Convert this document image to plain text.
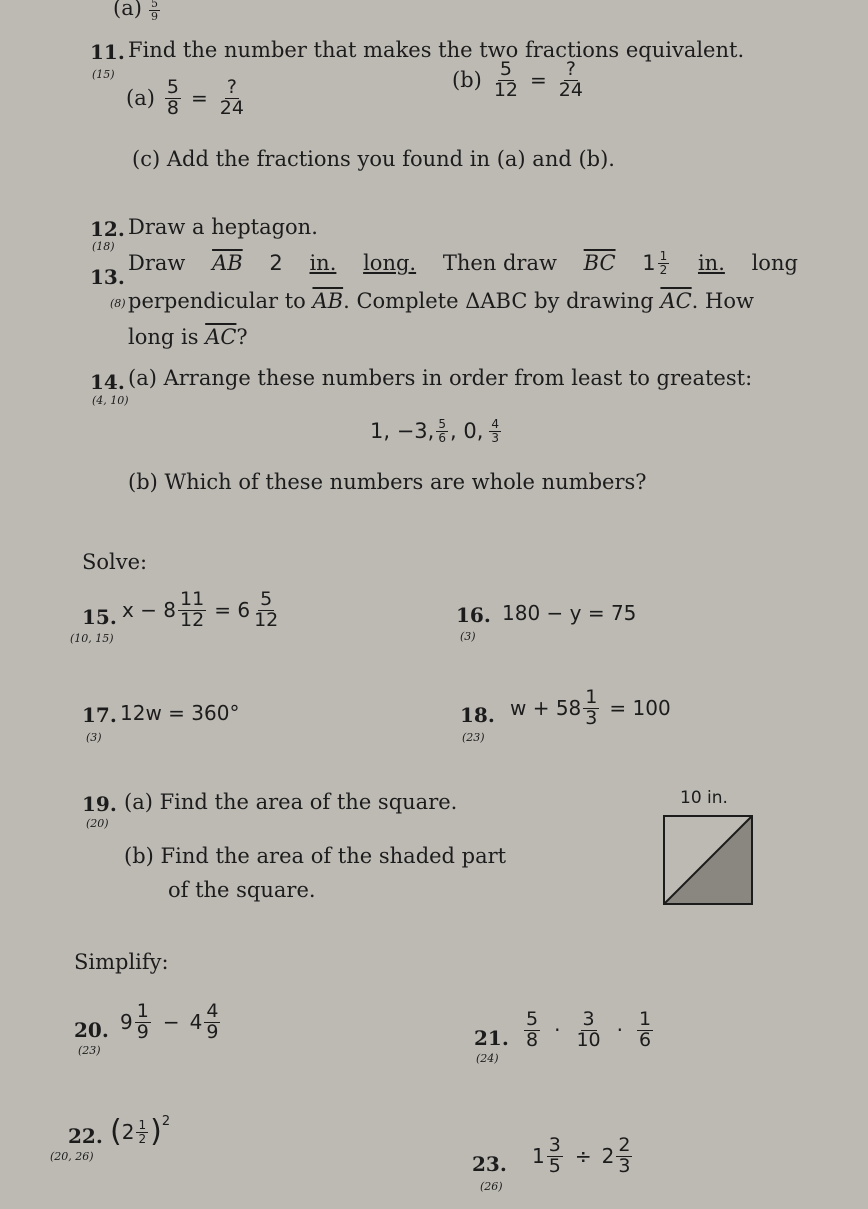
$(a) \frac{5}{9}$
11. Find the number that makes the two fractions equivalent.
(15)
$(a) \frac{5}{8} = \frac{?}{24}$	$(b) \frac{5}{12} = \frac{?}{24}$
(c) Add the fractions you found in (a) and (b).
12. Draw a heptagon.
(18)
13.
Draw $\overline{AB}$ 2 in. long. Then draw $\overline{BC}$ $1 \frac{1}{2}$ in. long
(8) perpendicular to $\overline{AB}$. Complete ΔABC by drawing $\overline{AC}$. How
long is $\overline{AC}$?
14. (a) Arrange these numbers in order from least to greatest:
(4, 10)
1, −3, $\frac{5}{6}$ , 0, $\frac{4}{3}$
(b) Which of these numbers are whole numbers?
Solve:
15.
(10, 15)
$x - 8 \frac{11}{12} = 6 \frac{5}{12}$	16.
(3)
180 − y = 75
17.
(3)
12w = 360°	18.
(23)
$w + 58 \frac{1}{3} = 100$
19.
(20)
(a) Find the area of the square.
(b) Find the area of the shaded part
of the square.
10 in.
Simplify:
20.
(23)
$9 \frac{1}{9} - 4 \frac{4}{9}$	21.
(24)
$\frac{5}{8} \cdot \frac{3}{10} \cdot \frac{1}{6}$
22.
(20, 26)
( $2 \frac{1}{2}$ ) 2
23.
(26)
$1 \frac{3}{5} \div 2 \frac{2}{3}$
